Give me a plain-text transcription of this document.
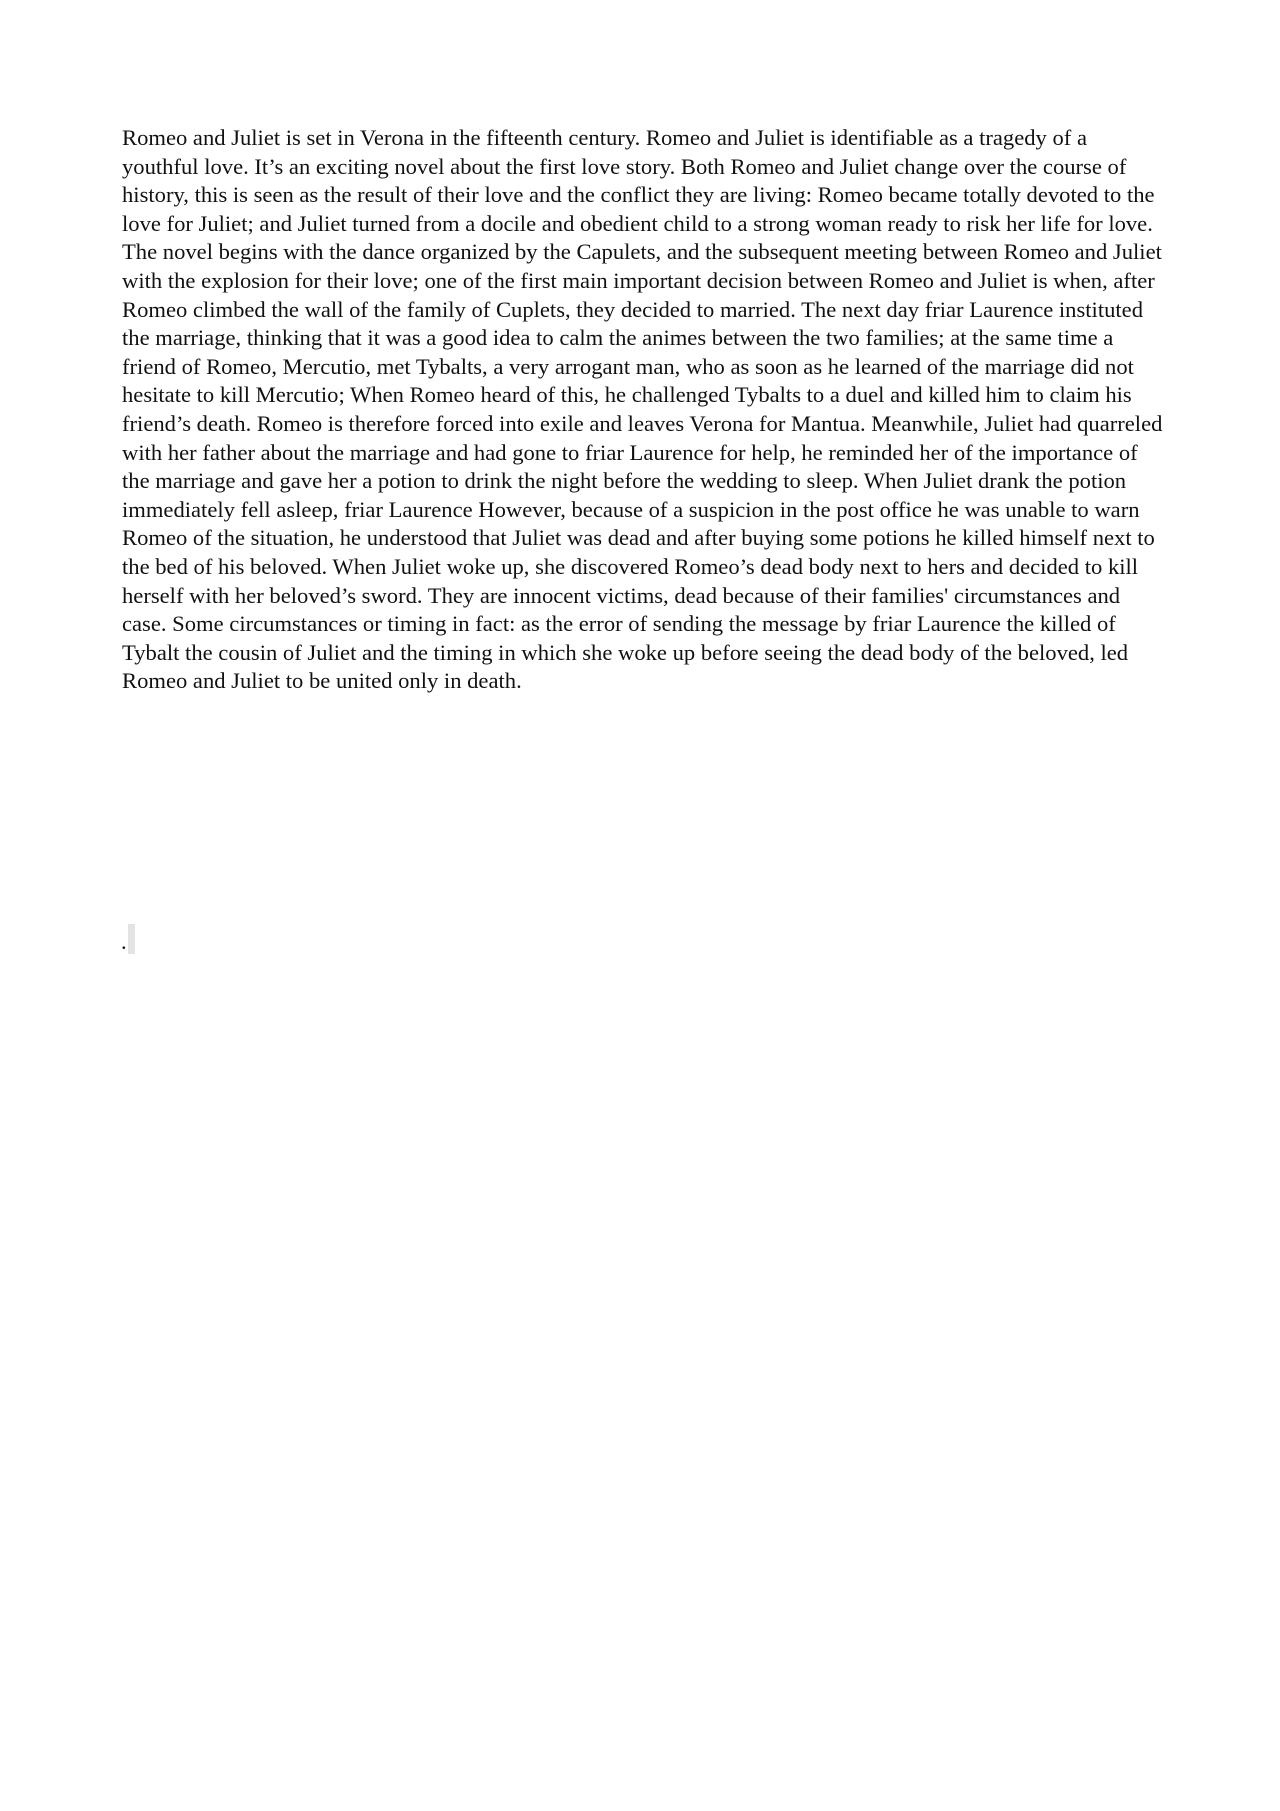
Romeo and Juliet is set in Verona in the fifteenth century. Romeo and Juliet is identifiable as a tragedy of a youthful love. It’s an exciting novel about the first love story. Both Romeo and Juliet change over the course of history, this is seen as the result of their love and the conflict they are living: Romeo became totally devoted to the love for Juliet; and Juliet turned from a docile and obedient child to a strong woman ready to risk her life for love.

The novel begins with the dance organized by the Capulets, and the subsequent meeting between Romeo and Juliet with the explosion for their love; one of the first main important decision between Romeo and Juliet is when, after Romeo climbed the wall of the family of Cuplets, they decided to married. The next day friar Laurence instituted the marriage, thinking that it was a good idea to calm the animes between the two families; at the same time a friend of Romeo, Mercutio, met Tybalts, a very arrogant man, who as soon as he learned of the marriage did not hesitate to kill Mercutio; When Romeo heard of this, he challenged Tybalts to a duel and killed him to claim his friend’s death. Romeo is therefore forced into exile and leaves Verona for Mantua. Meanwhile, Juliet had quarreled with her father about the marriage and had gone to friar Laurence for help, he reminded her of the importance of the marriage and gave her a potion to drink the night before the wedding to sleep. When Juliet drank the potion immediately fell asleep, friar Laurence However, because of a suspicion in the post office he was unable to warn Romeo of the situation, he understood that Juliet was dead and after buying some potions he killed himself next to the bed of his beloved. When Juliet woke up, she discovered Romeo’s dead body next to hers and decided to kill herself with her beloved’s sword. They are innocent victims, dead because of their families' circumstances and case. Some circumstances or timing in fact: as the error of sending the message by friar Laurence the killed of Tybalt the cousin of Juliet and the timing in which she woke up before seeing the dead body of the beloved, led Romeo and Juliet to be united only in death.

.
